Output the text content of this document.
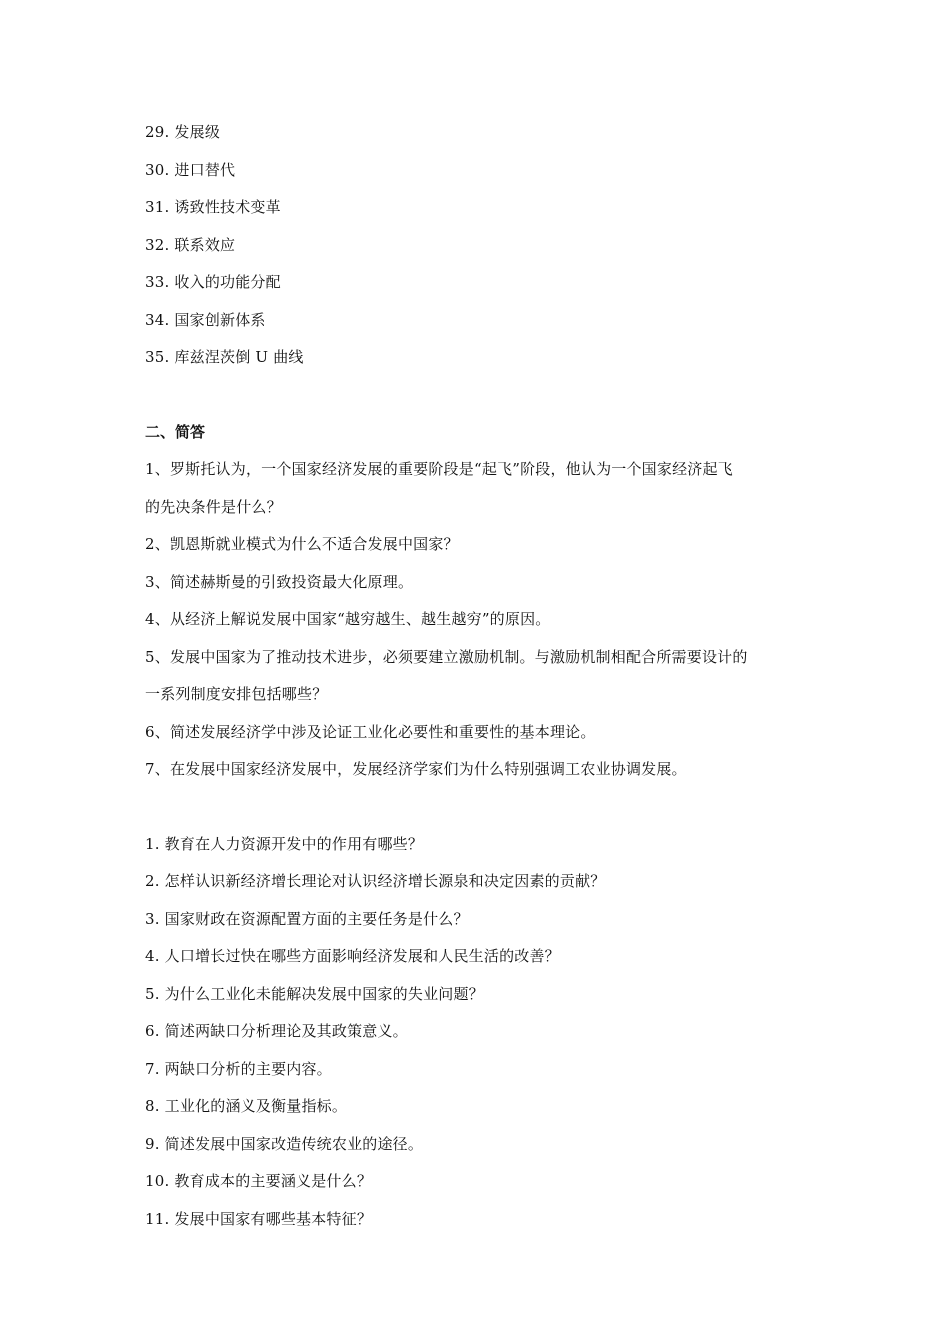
29. 发展级
30. 进口替代
31. 诱致性技术变革
32. 联系效应
33. 收入的功能分配
34. 国家创新体系
35. 库兹涅茨倒 U 曲线
二、简答
1、罗斯托认为，一个国家经济发展的重要阶段是“起飞”阶段，他认为一个国家经济起飞
的先决条件是什么？
2、凯恩斯就业模式为什么不适合发展中国家？
3、简述赫斯曼的引致投资最大化原理。
4、从经济上解说发展中国家“越穷越生、越生越穷”的原因。
5、发展中国家为了推动技术进步，必须要建立激励机制。与激励机制相配合所需要设计的
一系列制度安排包括哪些？
6、简述发展经济学中涉及论证工业化必要性和重要性的基本理论。
7、在发展中国家经济发展中，发展经济学家们为什么特别强调工农业协调发展。
1. 教育在人力资源开发中的作用有哪些？
2. 怎样认识新经济增长理论对认识经济增长源泉和决定因素的贡献？
3. 国家财政在资源配置方面的主要任务是什么？
4. 人口增长过快在哪些方面影响经济发展和人民生活的改善？
5. 为什么工业化未能解决发展中国家的失业问题？
6. 简述两缺口分析理论及其政策意义。
7. 两缺口分析的主要内容。
8. 工业化的涵义及衡量指标。
9. 简述发展中国家改造传统农业的途径。
10. 教育成本的主要涵义是什么？
11. 发展中国家有哪些基本特征？
